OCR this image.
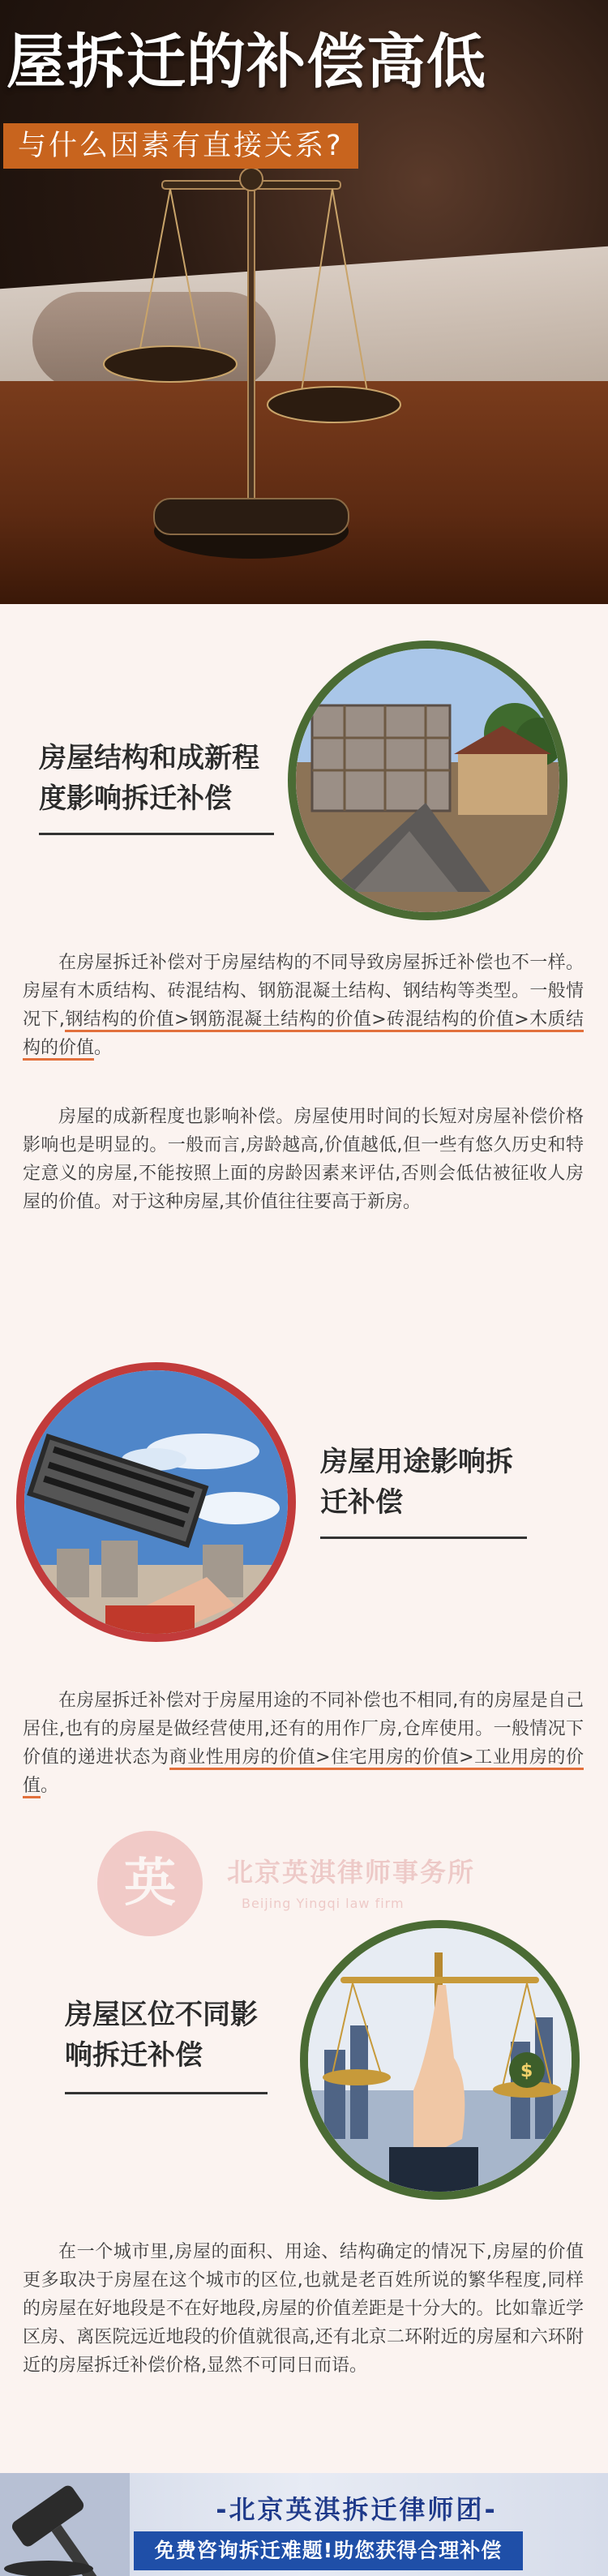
屋拆迁的补偿高低
与什么因素有直接关系?
房屋结构和成新程
度影响拆迁补偿

在房屋拆迁补偿对于房屋结构的不同导致房屋拆迁补偿也不一样。房屋有木质结构、砖混结构、钢筋混凝土结构、钢结构等类型。一般情况下,钢结构的价值>钢筋混凝土结构的价值>砖混结构的价值>木质结构的价值。

房屋的成新程度也影响补偿。房屋使用时间的长短对房屋补偿价格影响也是明显的。一般而言,房龄越高,价值越低,但一些有悠久历史和特定意义的房屋,不能按照上面的房龄因素来评估,否则会低估被征收人房屋的价值。对于这种房屋,其价值往往要高于新房。

房屋用途影响拆
迁补偿

在房屋拆迁补偿对于房屋用途的不同补偿也不相同,有的房屋是自己居住,也有的房屋是做经营使用,还有的用作厂房,仓库使用。一般情况下价值的递进状态为商业性用房的价值>住宅用房的价值>工业用房的价值。

英	北京英淇律师事务所
Beijing Yingqi law firm
房屋区位不同影
响拆迁补偿	$

在一个城市里,房屋的面积、用途、结构确定的情况下,房屋的价值更多取决于房屋在这个城市的区位,也就是老百姓所说的繁华程度,同样的房屋在好地段是不在好地段,房屋的价值差距是十分大的。比如靠近学区房、离医院远近地段的价值就很高,还有北京二环附近的房屋和六环附近的房屋拆迁补偿价格,显然不可同日而语。

-北京英淇拆迁律师团-
免费咨询拆迁难题!助您获得合理补偿
